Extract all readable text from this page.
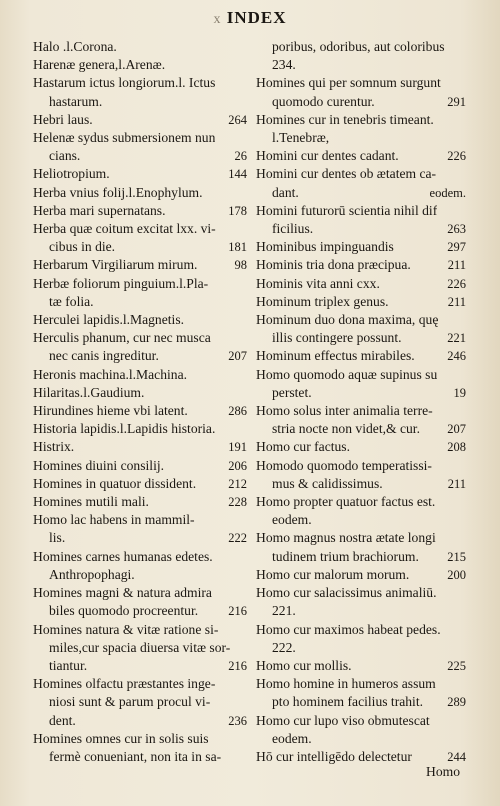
x INDEX
Halo .l.Corona.
Harenæ genera,l.Arenæ.
Hastarum ictus longiorum.l. Ictus
hastarum.
Hebri laus.	264
Helenæ sydus submersionem nun
cians.	26
Heliotropium.	144
Herba vnius folij.l.Enophylum.
Herba mari supernatans.	178
Herba quæ coitum excitat lxx. vi-
cibus in die.	181
Herbarum Virgiliarum mirum.	98
Herbæ foliorum pinguium.l.Pla-
tæ folia.
Herculei lapidis.l.Magnetis.
Herculis phanum, cur nec musca
nec canis ingreditur.	207
Heronis machina.l.Machina.
Hilaritas.l.Gaudium.
Hirundines hieme vbi latent.	286
Historia lapidis.l.Lapidis historia.
Histrix.	191
Homines diuini consilij.	206
Homines in quatuor dissident.	212
Homines mutili mali.	228
Homo lac habens in mammil-
lis.	222
Homines carnes humanas edetes.
Anthropophagi.
Homines magni & natura admira
biles quomodo procreentur.	216
Homines natura & vitæ ratione si-
miles,cur spacia diuersa vitæ sor-
tiantur.	216
Homines olfactu præstantes inge-
niosi sunt & parum procul vi-
dent.	236
Homines omnes cur in solis suis
fermè conueniant, non ita in sa-
poribus, odoribus, aut coloribus
234.
Homines qui per somnum surgunt
quomodo curentur.	291
Homines cur in tenebris timeant.
l.Tenebræ,
Homini cur dentes cadant.	226
Homini cur dentes ob ætatem ca-
dant.	eodem.
Homini futurorū scientia nihil dif
ficilius.	263
Hominibus impinguandis	297
Hominis tria dona præcipua.	211
Hominis vita anni cxx.	226
Hominum triplex genus.	211
Hominum duo dona maxima, quę
illis contingere possunt.	221
Hominum effectus mirabiles.	246
Homo quomodo aquæ supinus su
perstet.	19
Homo solus inter animalia terre-
stria nocte non videt,& cur.	207
Homo cur factus.	208
Homodo quomodo temperatissi-
mus & calidissimus.	211
Homo propter quatuor factus est.
eodem.
Homo magnus nostra ætate longi
tudinem trium brachiorum.	215
Homo cur malorum morum.	200
Homo cur salacissimus animaliū.
221.
Homo cur maximos habeat pedes.
222.
Homo cur mollis.	225
Homo homine in humeros assum
pto hominem facilius trahit.	289
Homo cur lupo viso obmutescat
eodem.
Hō cur intelligēdo delectetur	244
Homo
